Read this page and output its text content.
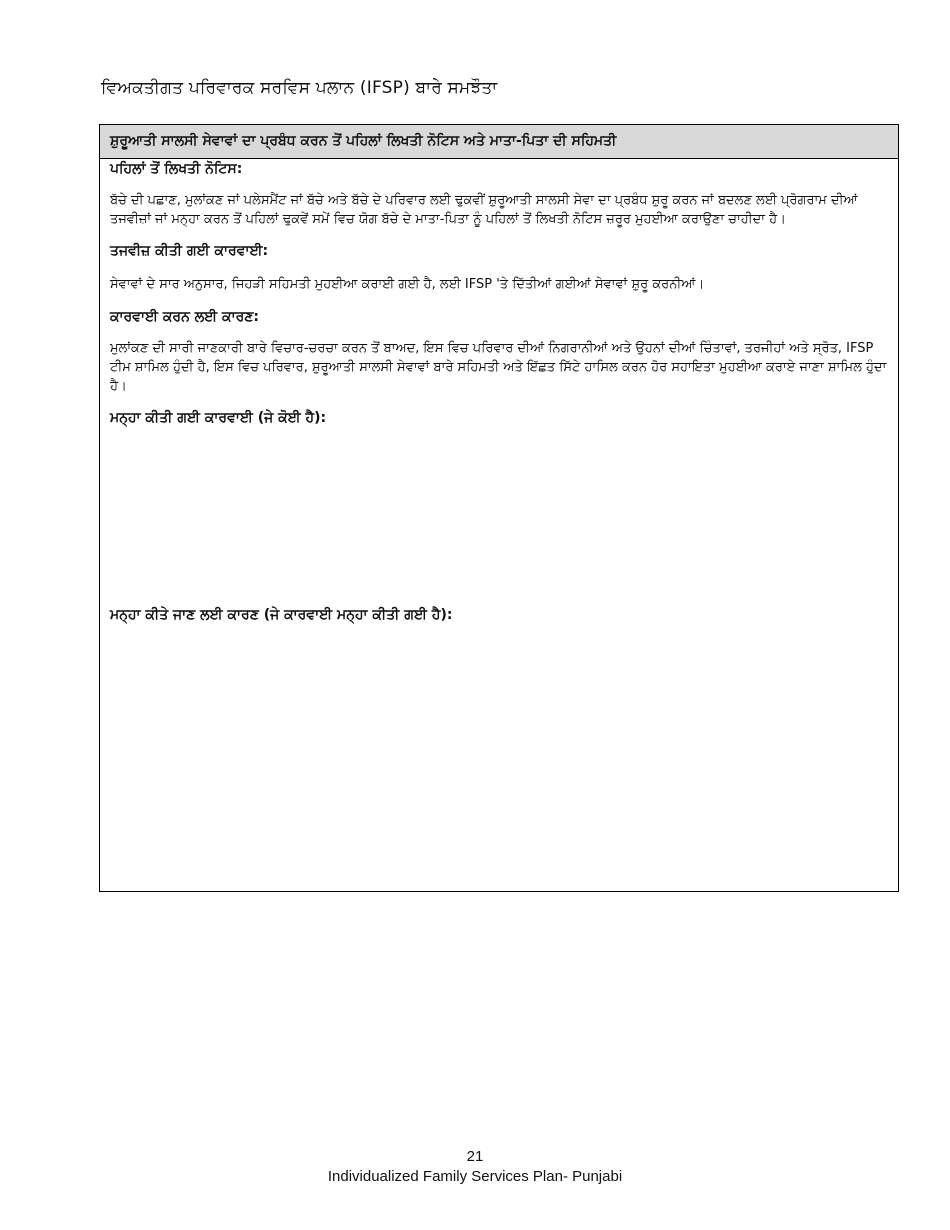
ਵਿਅਕਤੀਗਤ ਪਰਿਵਾਰਕ ਸਰਵਿਸ ਪਲਾਨ (IFSP) ਬਾਰੇ ਸਮਝੌਤਾ
ਸ਼ੁਰੂਆਤੀ ਸਾਲਸੀ ਸੇਵਾਵਾਂ ਦਾ ਪ੍ਰਬੰਧ ਕਰਨ ਤੋਂ ਪਹਿਲਾਂ ਲਿਖਤੀ ਨੋਟਿਸ ਅਤੇ ਮਾਤਾ-ਪਿਤਾ ਦੀ ਸਹਿਮਤੀ

ਪਹਿਲਾਂ ਤੋਂ ਲਿਖਤੀ ਨੋਟਿਸ:

ਬੱਚੇ ਦੀ ਪਛਾਣ, ਮੁਲਾਂਕਣ ਜਾਂ ਪਲੇਸਮੈਂਟ ਜਾਂ ਬੱਚੇ ਅਤੇ ਬੱਚੇ ਦੇ ਪਰਿਵਾਰ ਲਈ ਢੁਕਵੀਂ ਸ਼ੁਰੂਆਤੀ ਸਾਲਸੀ ਸੇਵਾ ਦਾ ਪ੍ਰਬੰਧ ਸ਼ੁਰੂ ਕਰਨ ਜਾਂ ਬਦਲਣ ਲਈ ਪ੍ਰੋਗਰਾਮ ਦੀਆਂ ਤਜਵੀਜ਼ਾਂ ਜਾਂ ਮਨ੍ਹਾ ਕਰਨ ਤੋਂ ਪਹਿਲਾਂ ਢੁਕਵੇਂ ਸਮੇਂ ਵਿਚ ਯੋਗ ਬੱਚੇ ਦੇ ਮਾਤਾ-ਪਿਤਾ ਨੂੰ ਪਹਿਲਾਂ ਤੋਂ ਲਿਖਤੀ ਨੋਟਿਸ ਜ਼ਰੂਰ ਮੁਹਈਆ ਕਰਾਉਣਾ ਚਾਹੀਦਾ ਹੈ।

ਤਜਵੀਜ਼ ਕੀਤੀ ਗਈ ਕਾਰਵਾਈ:

ਸੇਵਾਵਾਂ ਦੇ ਸਾਰ ਅਨੁਸਾਰ, ਜਿਹੜੀ ਸਹਿਮਤੀ ਮੁਹਈਆ ਕਰਾਈ ਗਈ ਹੈ, ਲਈ IFSP 'ਤੇ ਦਿੱਤੀਆਂ ਗਈਆਂ ਸੇਵਾਵਾਂ ਸ਼ੁਰੂ ਕਰਨੀਆਂ।

ਕਾਰਵਾਈ ਕਰਨ ਲਈ ਕਾਰਣ:

ਮੁਲਾਂਕਣ ਦੀ ਸਾਰੀ ਜਾਣਕਾਰੀ ਬਾਰੇ ਵਿਚਾਰ-ਚਰਚਾ ਕਰਨ ਤੋਂ ਬਾਅਦ, ਇਸ ਵਿਚ ਪਰਿਵਾਰ ਦੀਆਂ ਨਿਗਰਾਨੀਆਂ ਅਤੇ ਉਹਨਾਂ ਦੀਆਂ ਚਿੰਤਾਵਾਂ, ਤਰਜੀਹਾਂ ਅਤੇ ਸ੍ਰੋਤ, IFSP ਟੀਮ ਸ਼ਾਮਿਲ ਹੁੰਦੀ ਹੈ, ਇਸ ਵਿਚ ਪਰਿਵਾਰ, ਸ਼ੁਰੂਆਤੀ ਸਾਲਸੀ ਸੇਵਾਵਾਂ ਬਾਰੇ ਸਹਿਮਤੀ ਅਤੇ ਇੱਛਤ ਸਿੱਟੇ ਹਾਸਿਲ ਕਰਨ ਹੋਰ ਸਹਾਇਤਾ ਮੁਹਈਆ ਕਰਾਏ ਜਾਣਾ ਸ਼ਾਮਿਲ ਹੁੰਦਾ ਹੈ।

ਮਨ੍ਹਾ ਕੀਤੀ ਗਈ ਕਾਰਵਾਈ (ਜੇ ਕੋਈ ਹੈ):

ਮਨ੍ਹਾ ਕੀਤੇ ਜਾਣ ਲਈ ਕਾਰਣ (ਜੇ ਕਾਰਵਾਈ ਮਨ੍ਹਾ ਕੀਤੀ ਗਈ ਹੈ):

21
Individualized Family Services Plan- Punjabi
